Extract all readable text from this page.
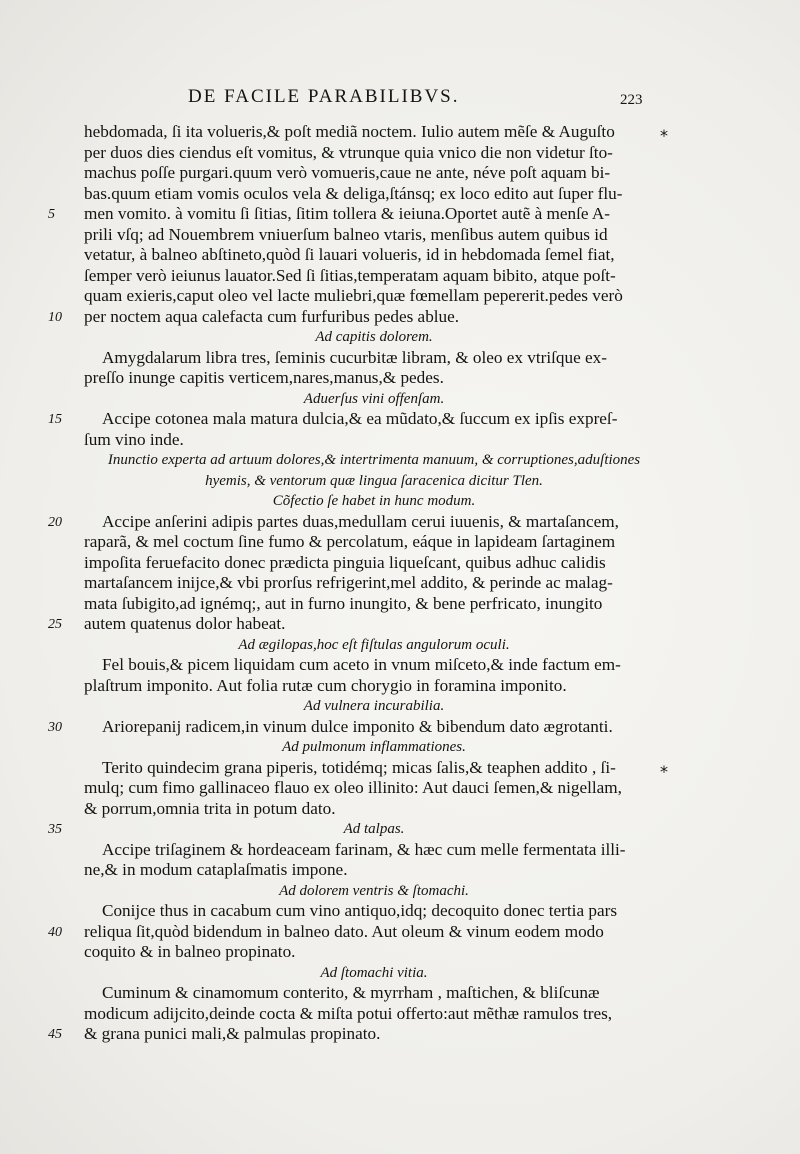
DE FACILE PARABILIBVS.	223
hebdomada, ſi ita volueris,& poſt mediã noctem. Iulio autem mẽſe & Auguſto
per duos dies ciendus eſt vomitus, & vtrunque quia vnico die non videtur ſto-
machus poſſe purgari.quum verò vomueris,caue ne ante, néve poſt aquam bi-
bas.quum etiam vomis oculos vela & deliga,ſtánsq; ex loco edito aut ſuper flu-
men vomito. à vomitu ſi ſitias, ſitim tollera & ieiuna.Oportet autẽ à menſe A-
prili vſq; ad Nouembrem vniuerſum balneo vtaris, menſibus autem quibus id
vetatur, à balneo abſtineto,quòd ſi lauari volueris, id in hebdomada ſemel fiat,
ſemper verò ieiunus lauator.Sed ſi ſitias,temperatam aquam bibito, atque poſt-
quam exieris,caput oleo vel lacte muliebri,quæ fœmellam pepererit.pedes verò
per noctem aqua calefacta cum furfuribus pedes ablue.
Ad capitis dolorem.
Amygdalarum libra tres, ſeminis cucurbitæ libram, & oleo ex vtriſque ex-
preſſo inunge capitis verticem,nares,manus,& pedes.
Aduerſus vini offenſam.
Accipe cotonea mala matura dulcia,& ea mũdato,& ſuccum ex ipſis expreſ-
ſum vino inde.
Inunctio experta ad artuum dolores,& intertrimenta manuum, & corruptiones,aduſtiones
hyemis, & ventorum quæ lingua ſaracenica dicitur Tlen.
Cõfectio ſe habet in hunc modum.
Accipe anſerini adipis partes duas,medullam cerui iuuenis, & martaſancem,
raparã, & mel coctum ſine fumo & percolatum, eáque in lapideam ſartaginem
impoſita feruefacito donec prædicta pinguia liqueſcant, quibus adhuc calidis
martaſancem inijce,& vbi prorſus refrigerint,mel addito, & perinde ac malag-
mata ſubigito,ad ignémq;, aut in furno inungito, & bene perfricato, inungito
autem quatenus dolor habeat.
Ad ægilopas,hoc eſt fiſtulas angulorum oculi.
Fel bouis,& picem liquidam cum aceto in vnum miſceto,& inde factum em-
plaſtrum imponito. Aut folia rutæ cum chorygio in foramina imponito.
Ad vulnera incurabilia.
Ariorepanij radicem,in vinum dulce imponito & bibendum dato ægrotanti.
Ad pulmonum inflammationes.
Terito quindecim grana piperis, totidémq; micas ſalis,& teaphen addito , ſi-
mulq; cum fimo gallinaceo flauo ex oleo illinito: Aut dauci ſemen,& nigellam,
& porrum,omnia trita in potum dato.
Ad talpas.
Accipe triſaginem & hordeaceam farinam, & hæc cum melle fermentata illi-
ne,& in modum cataplaſmatis impone.
Ad dolorem ventris & ſtomachi.
Conijce thus in cacabum cum vino antiquo,idq; decoquito donec tertia pars
reliqua ſit,quòd bidendum in balneo dato. Aut oleum & vinum eodem modo
coquito & in balneo propinato.
Ad ſtomachi vitia.
Cuminum & cinamomum conterito, & myrrham , maſtichen, & bliſcunæ
modicum adijcito,deinde cocta & miſta potui offerto:aut mẽthæ ramulos tres,
& grana punici mali,& palmulas propinato.
5
10
15
20
25
30
35
40
45
*
*
